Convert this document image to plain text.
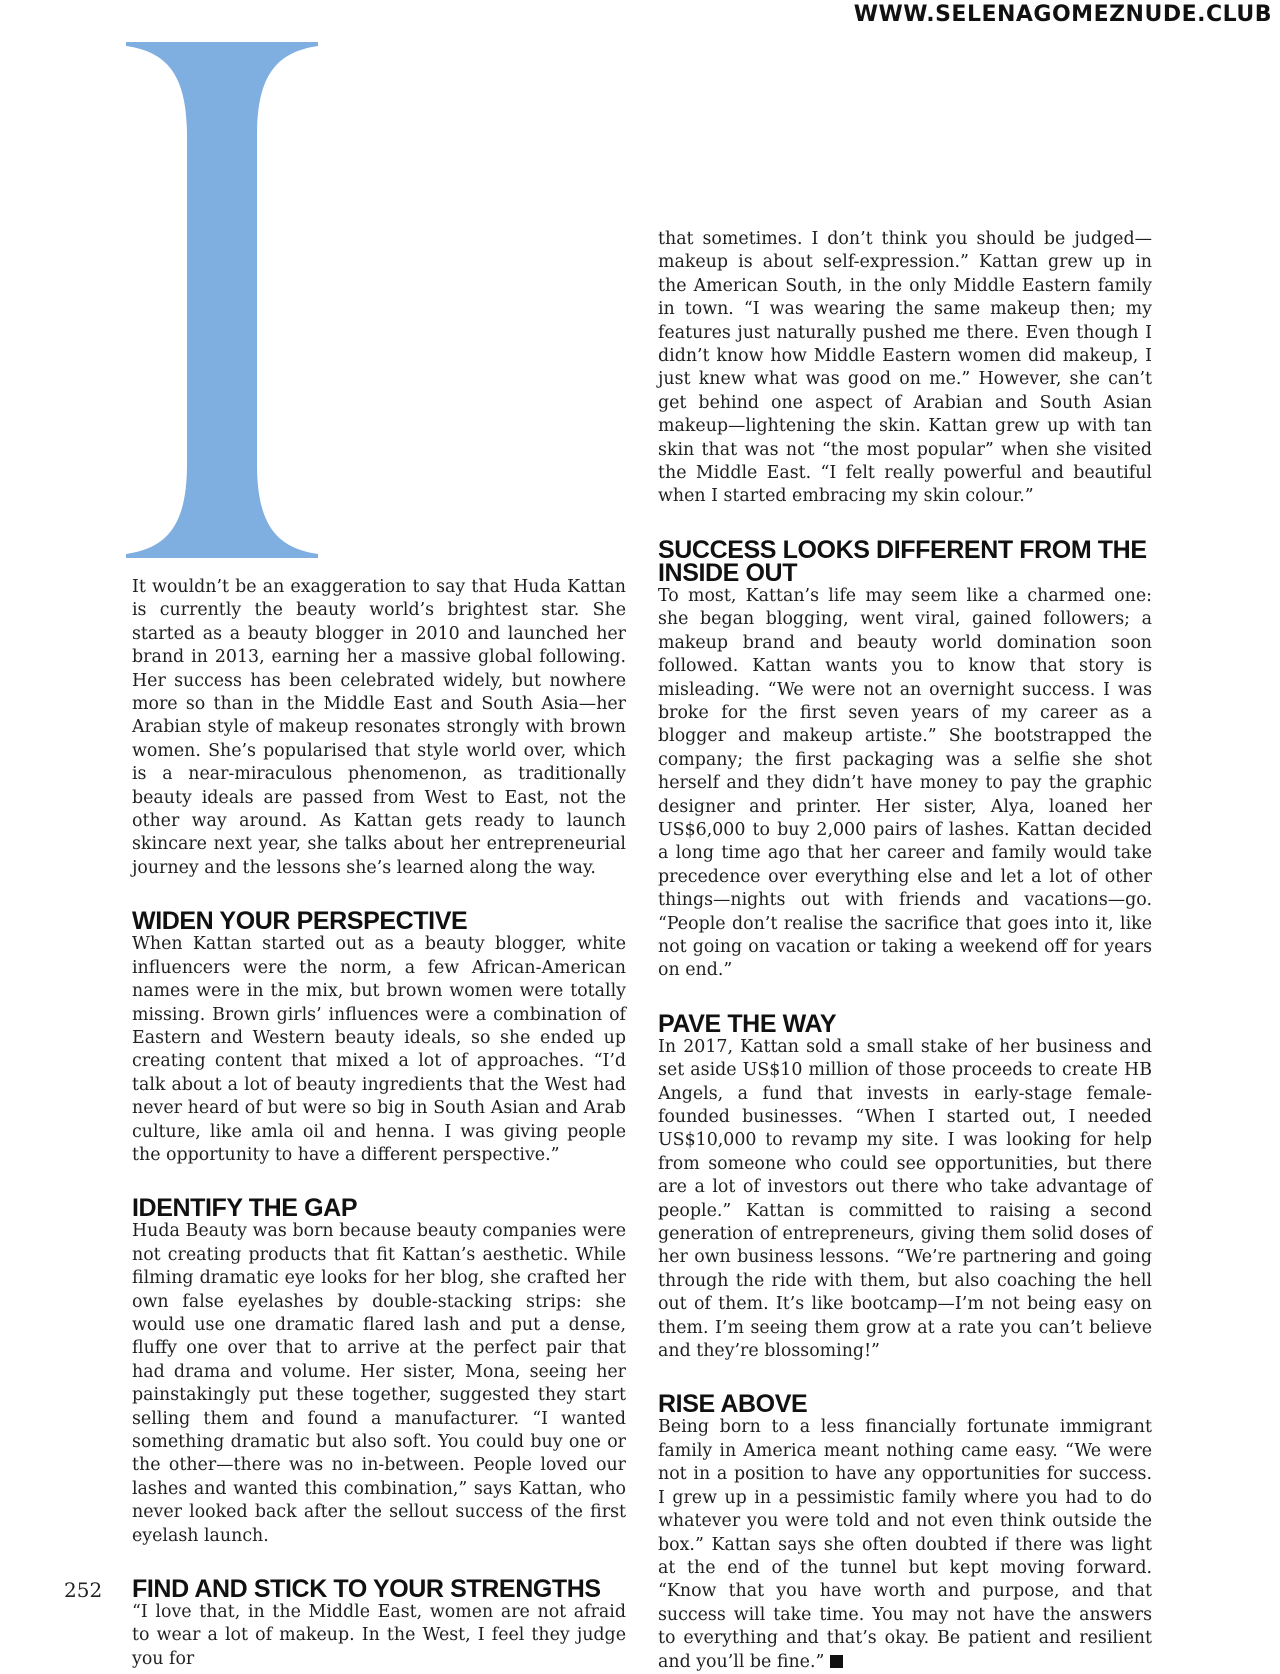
WWW.SELENAGOMEZNUDE.CLUB

It wouldn’t be an exaggeration to say that Huda Kattan is currently the beauty world’s brightest star. She started as a beauty blogger in 2010 and launched her brand in 2013, earning her a massive global following. Her success has been celebrated widely, but nowhere more so than in the Middle East and South Asia—her Arabian style of makeup resonates strongly with brown women. She’s popularised that style world over, which is a near-miraculous phenomenon, as traditionally beauty ideals are passed from West to East, not the other way around. As Kattan gets ready to launch skincare next year, she talks about her entrepreneurial journey and the lessons she’s learned along the way.

WIDEN YOUR PERSPECTIVE

When Kattan started out as a beauty blogger, white influencers were the norm, a few African-American names were in the mix, but brown women were totally missing. Brown girls’ influences were a combination of Eastern and Western beauty ideals, so she ended up creating content that mixed a lot of approaches. “I’d talk about a lot of beauty ingredients that the West had never heard of but were so big in South Asian and Arab culture, like amla oil and henna. I was giving people the opportunity to have a different perspective.”

IDENTIFY THE GAP

Huda Beauty was born because beauty companies were not creating products that fit Kattan’s aesthetic. While filming dramatic eye looks for her blog, she crafted her own false eyelashes by double-stacking strips: she would use one dramatic flared lash and put a dense, fluffy one over that to arrive at the perfect pair that had drama and volume. Her sister, Mona, seeing her painstakingly put these together, suggested they start selling them and found a manufacturer. “I wanted something dramatic but also soft. You could buy one or the other—there was no in-between. People loved our lashes and wanted this combination,” says Kattan, who never looked back after the sellout success of the first eyelash launch.

FIND AND STICK TO YOUR STRENGTHS

“I love that, in the Middle East, women are not afraid to wear a lot of makeup. In the West, I feel they judge you for

that sometimes. I don’t think you should be judged—makeup is about self-expression.” Kattan grew up in the American South, in the only Middle Eastern family in town. “I was wearing the same makeup then; my features just naturally pushed me there. Even though I didn’t know how Middle Eastern women did makeup, I just knew what was good on me.” However, she can’t get behind one aspect of Arabian and South Asian makeup—lightening the skin. Kattan grew up with tan skin that was not “the most popular” when she visited the Middle East. “I felt really powerful and beautiful when I started embracing my skin colour.”

SUCCESS LOOKS DIFFERENT FROM THE INSIDE OUT

To most, Kattan’s life may seem like a charmed one: she began blogging, went viral, gained followers; a makeup brand and beauty world domination soon followed. Kattan wants you to know that story is misleading. “We were not an overnight success. I was broke for the first seven years of my career as a blogger and makeup artiste.” She bootstrapped the company; the first packaging was a selfie she shot herself and they didn’t have money to pay the graphic designer and printer. Her sister, Alya, loaned her US$6,000 to buy 2,000 pairs of lashes. Kattan decided a long time ago that her career and family would take precedence over everything else and let a lot of other things—nights out with friends and vacations—go. “People don’t realise the sacrifice that goes into it, like not going on vacation or taking a weekend off for years on end.”

PAVE THE WAY

In 2017, Kattan sold a small stake of her business and set aside US$10 million of those proceeds to create HB Angels, a fund that invests in early-stage female-founded businesses. “When I started out, I needed US$10,000 to revamp my site. I was looking for help from someone who could see opportunities, but there are a lot of investors out there who take advantage of people.” Kattan is committed to raising a second generation of entrepreneurs, giving them solid doses of her own business lessons. “We’re partnering and going through the ride with them, but also coaching the hell out of them. It’s like bootcamp—I’m not being easy on them. I’m seeing them grow at a rate you can’t believe and they’re blossoming!”

RISE ABOVE

Being born to a less financially fortunate immigrant family in America meant nothing came easy. “We were not in a position to have any opportunities for success. I grew up in a pessimistic family where you had to do whatever you were told and not even think outside the box.” Kattan says she often doubted if there was light at the end of the tunnel but kept moving forward. “Know that you have worth and purpose, and that success will take time. You may not have the answers to everything and that’s okay. Be patient and resilient and you’ll be fine.”

252
